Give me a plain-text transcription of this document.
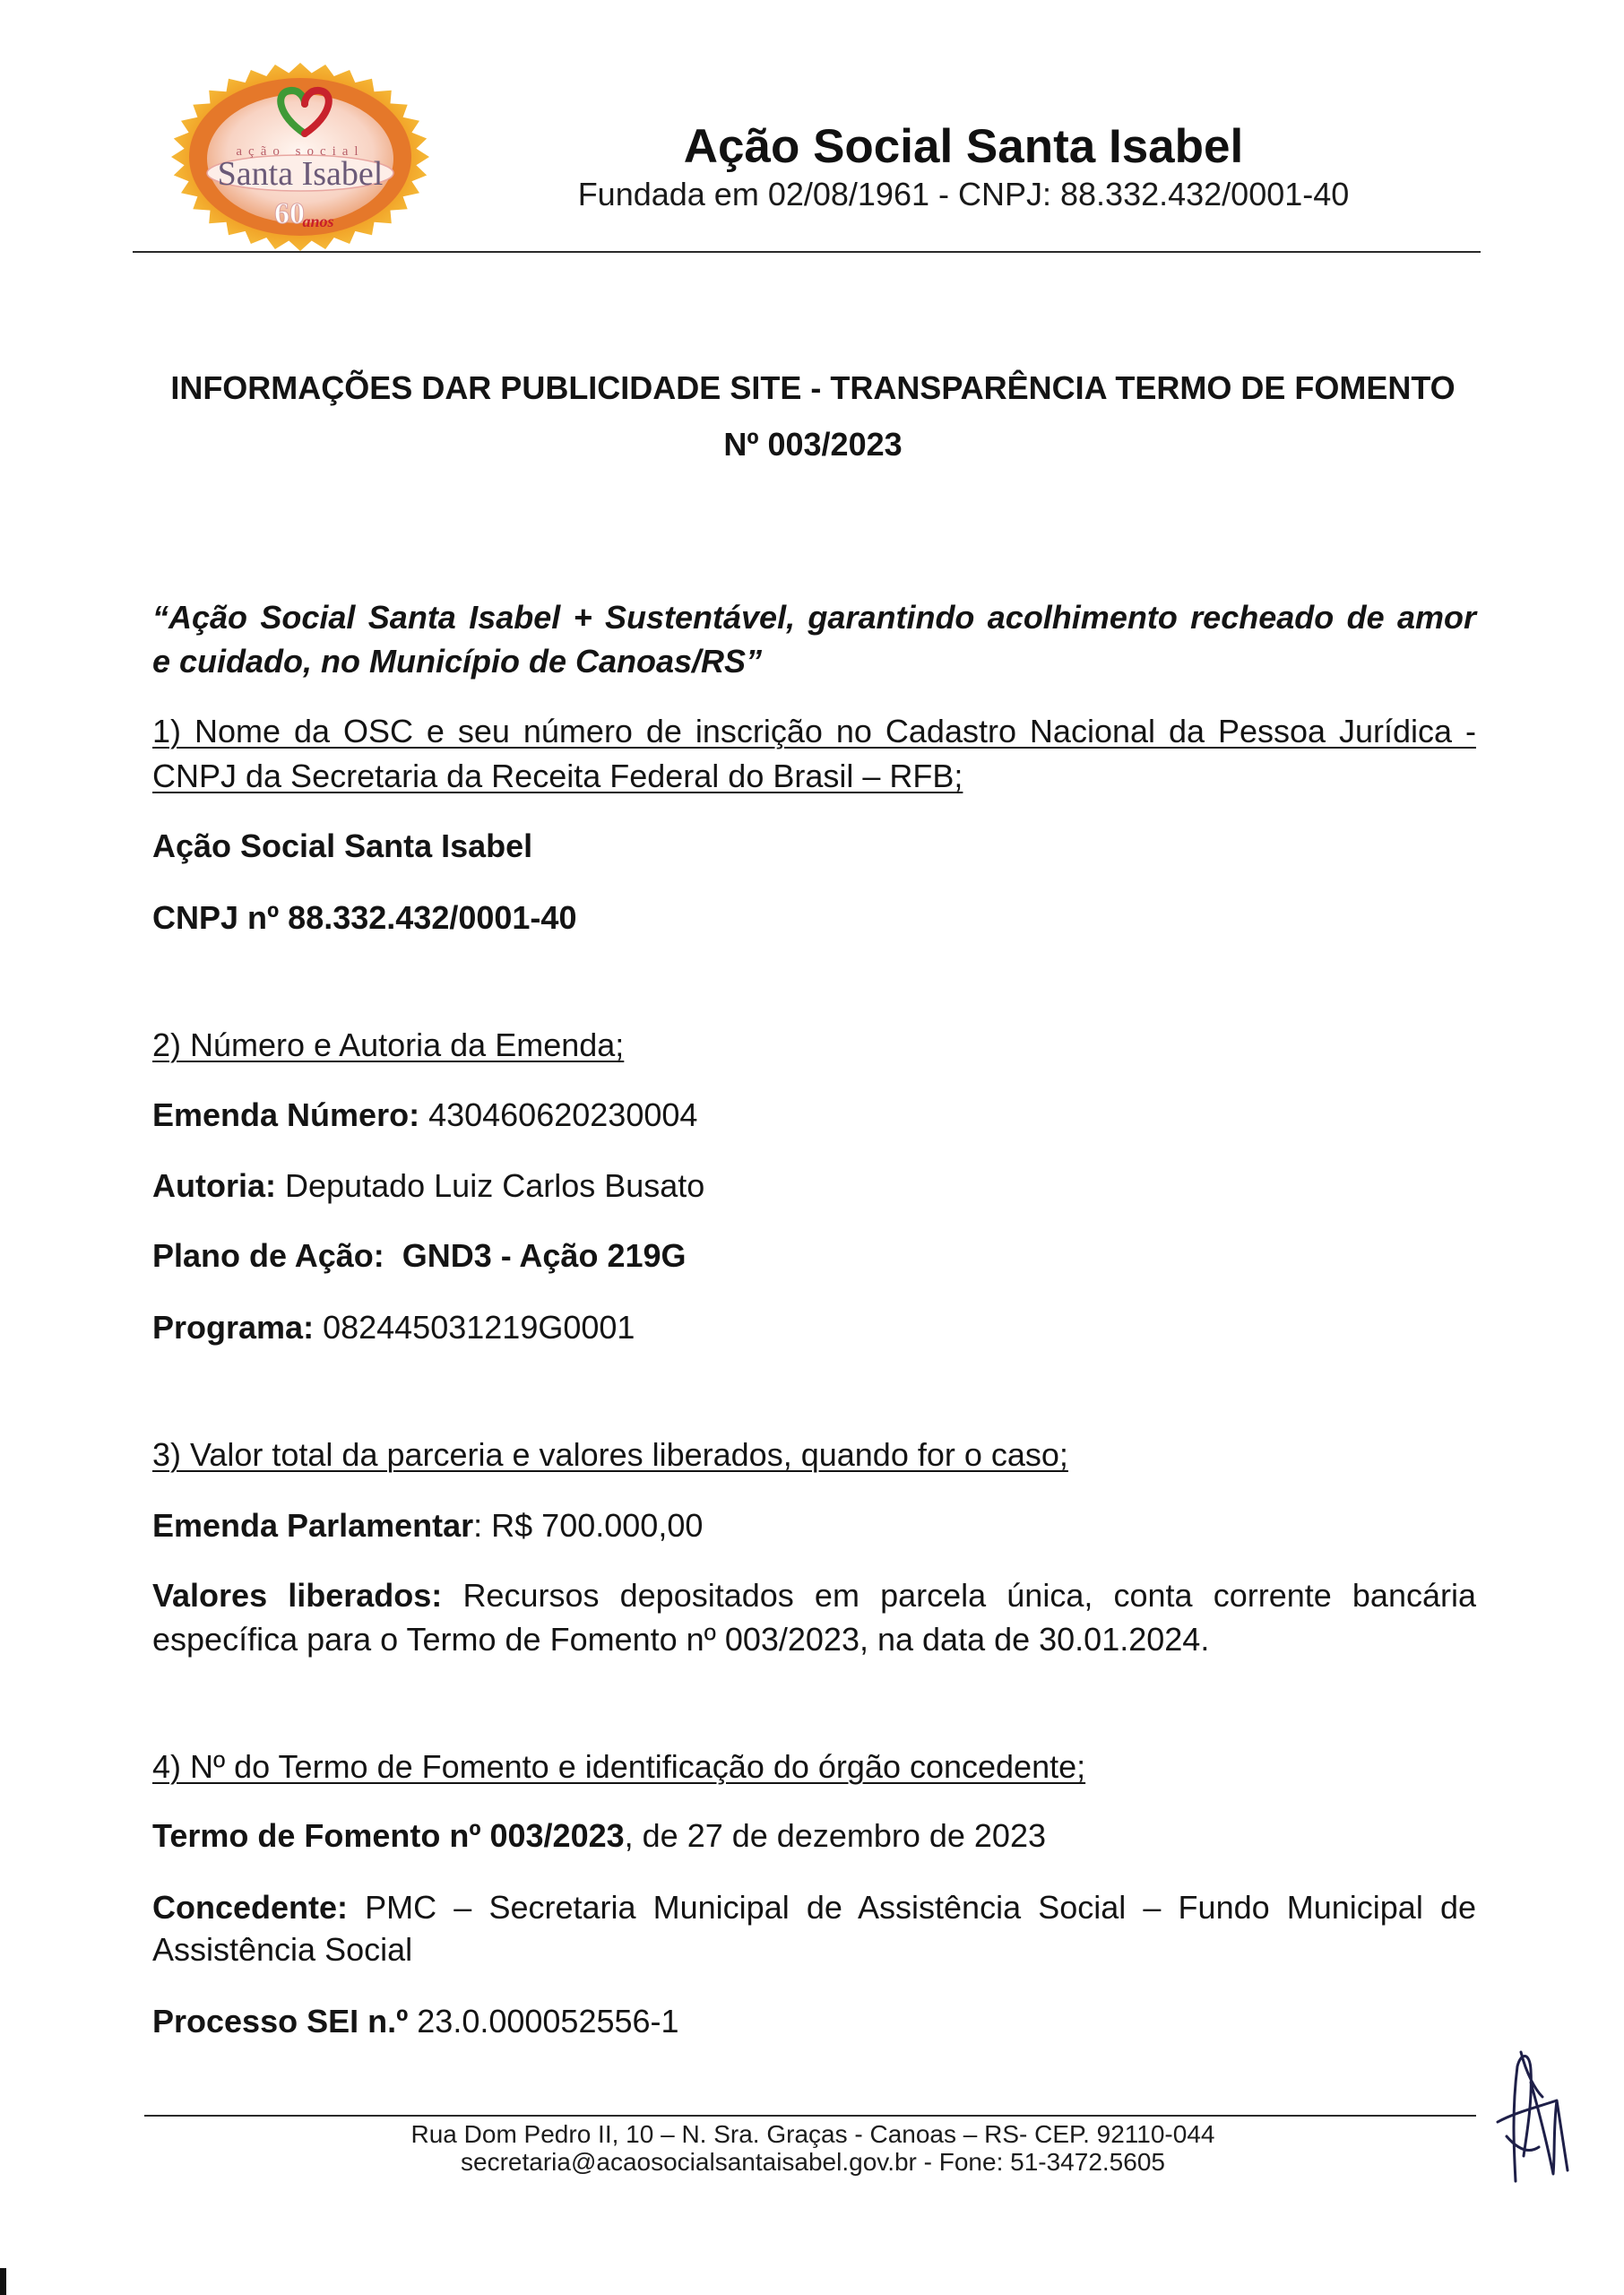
ação social
Santa Isabel
60
anos
Ação Social Santa Isabel
Fundada em 02/08/1961 - CNPJ: 88.332.432/0001-40
INFORMAÇÕES DAR PUBLICIDADE SITE - TRANSPARÊNCIA TERMO DE FOMENTO
Nº 003/2023
“Ação Social Santa Isabel + Sustentável, garantindo acolhimento recheado de amor
e cuidado, no Município de Canoas/RS”
1) Nome da OSC e seu número de inscrição no Cadastro Nacional da Pessoa Jurídica -
CNPJ da Secretaria da Receita Federal do Brasil – RFB;
Ação Social Santa Isabel
CNPJ nº 88.332.432/0001-40
2) Número e Autoria da Emenda;
Emenda Número: 430460620230004
Autoria: Deputado Luiz Carlos Busato
Plano de Ação: GND3 - Ação 219G
Programa: 082445031219G0001
3) Valor total da parceria e valores liberados, quando for o caso;
Emenda Parlamentar: R$ 700.000,00
Valores liberados: Recursos depositados em parcela única, conta corrente bancária
específica para o Termo de Fomento nº 003/2023, na data de 30.01.2024.
4) Nº do Termo de Fomento e identificação do órgão concedente;
Termo de Fomento nº 003/2023, de 27 de dezembro de 2023
Concedente: PMC – Secretaria Municipal de Assistência Social – Fundo Municipal de
Assistência Social
Processo SEI n.º 23.0.000052556-1
Rua Dom Pedro II, 10 – N. Sra. Graças - Canoas – RS- CEP. 92110-044
secretaria@acaosocialsantaisabel.gov.br - Fone: 51-3472.5605
